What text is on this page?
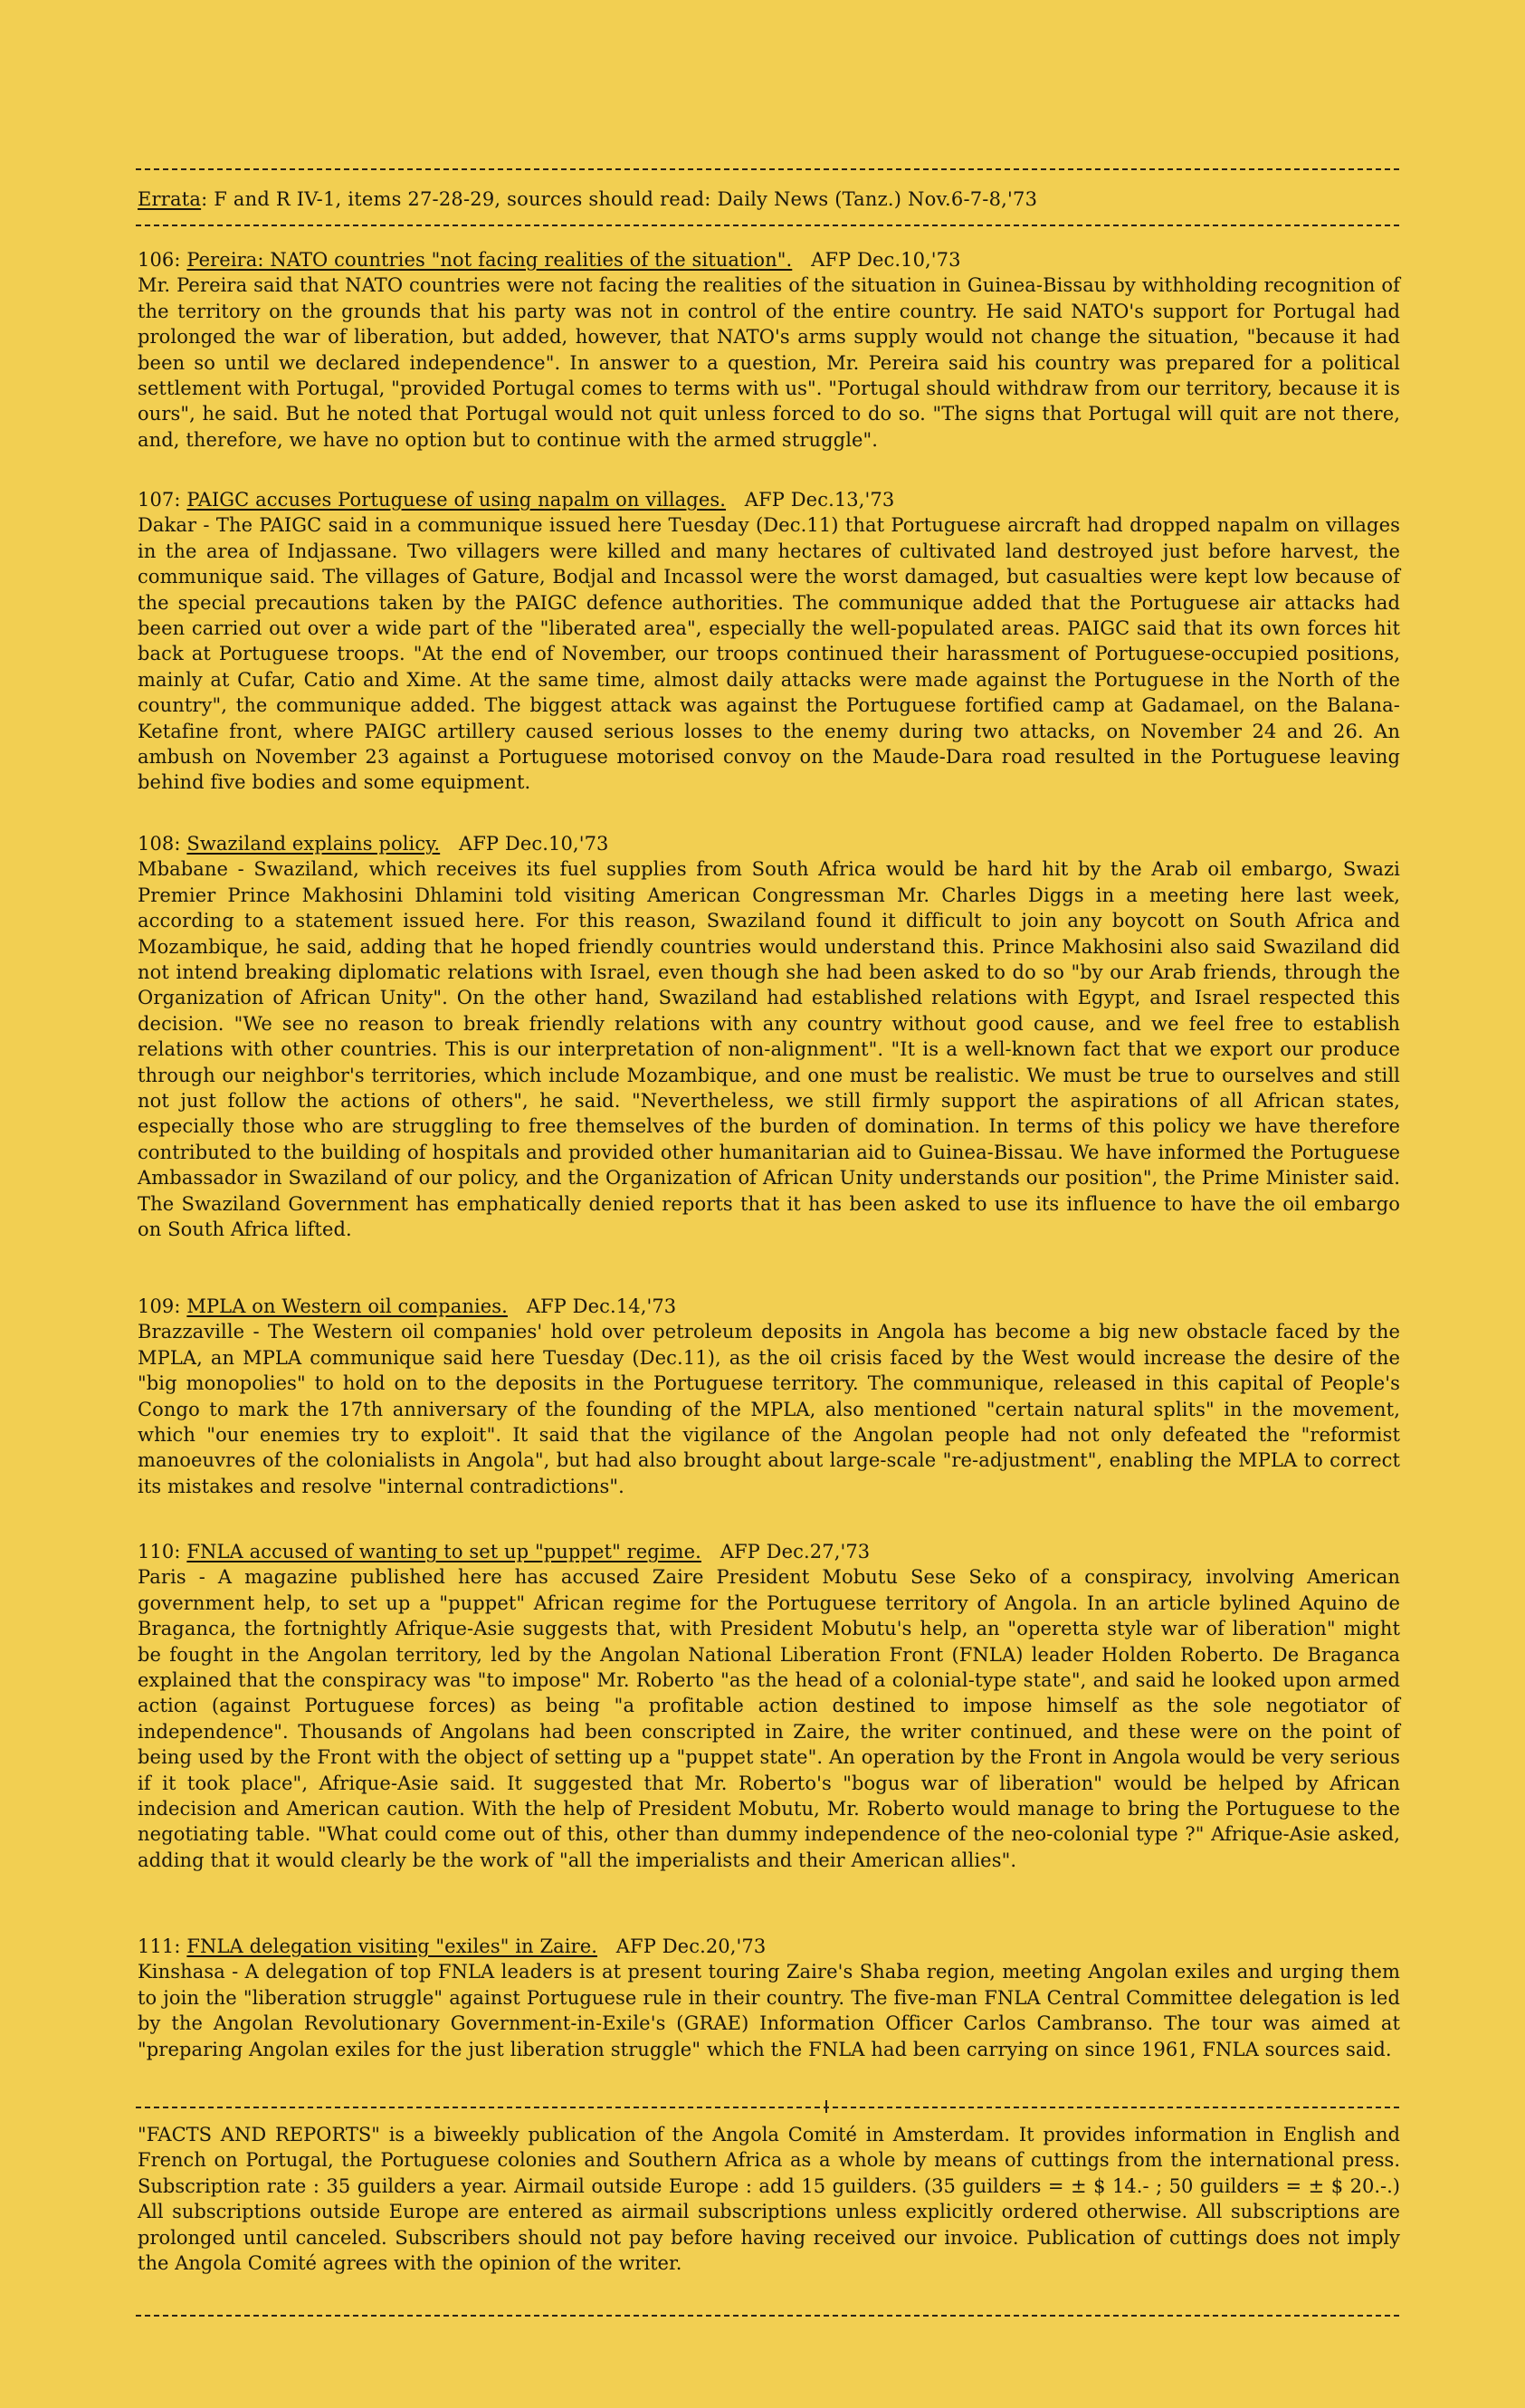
Errata: F and R IV-1, items 27-28-29, sources should read: Daily News (Tanz.) Nov.6-7-8,'73
106: Pereira: NATO countries "not facing realities of the situation". AFP Dec.10,'73
Mr. Pereira said that NATO countries were not facing the realities of the situation in Guinea-Bissau by withholding recognition of the territory on the grounds that his party was not in control of the entire country. He said NATO's support for Portugal had prolonged the war of liberation, but added, however, that NATO's arms supply would not change the situation, "because it had been so until we declared independence". In answer to a question, Mr. Pereira said his country was prepared for a political settlement with Portugal, "provided Portugal comes to terms with us". "Portugal should withdraw from our territory, because it is ours", he said. But he noted that Portugal would not quit unless forced to do so. "The signs that Portugal will quit are not there, and, therefore, we have no option but to continue with the armed struggle".
107: PAIGC accuses Portuguese of using napalm on villages. AFP Dec.13,'73
Dakar - The PAIGC said in a communique issued here Tuesday (Dec.11) that Portuguese aircraft had dropped napalm on villages in the area of Indjassane. Two villagers were killed and many hectares of cultivated land destroyed just before harvest, the communique said. The villages of Gature, Bodjal and Incassol were the worst damaged, but casualties were kept low because of the special precautions taken by the PAIGC defence authorities. The communique added that the Portuguese air attacks had been carried out over a wide part of the "liberated area", especially the well-populated areas. PAIGC said that its own forces hit back at Portuguese troops. "At the end of November, our troops continued their harassment of Portuguese-occupied positions, mainly at Cufar, Catio and Xime. At the same time, almost daily attacks were made against the Portuguese in the North of the country", the communique added. The biggest attack was against the Portuguese fortified camp at Gadamael, on the Balana-Ketafine front, where PAIGC artillery caused serious losses to the enemy during two attacks, on November 24 and 26. An ambush on November 23 against a Portuguese motorised convoy on the Maude-Dara road resulted in the Portuguese leaving behind five bodies and some equipment.
108: Swaziland explains policy. AFP Dec.10,'73
Mbabane - Swaziland, which receives its fuel supplies from South Africa would be hard hit by the Arab oil embargo, Swazi Premier Prince Makhosini Dhlamini told visiting American Congressman Mr. Charles Diggs in a meeting here last week, according to a statement issued here. For this reason, Swaziland found it difficult to join any boycott on South Africa and Mozambique, he said, adding that he hoped friendly countries would understand this. Prince Makhosini also said Swaziland did not intend breaking diplomatic relations with Israel, even though she had been asked to do so "by our Arab friends, through the Organization of African Unity". On the other hand, Swaziland had established relations with Egypt, and Israel respected this decision. "We see no reason to break friendly relations with any country without good cause, and we feel free to establish relations with other countries. This is our interpretation of non-alignment". "It is a well-known fact that we export our produce through our neighbor's territories, which include Mozambique, and one must be realistic. We must be true to ourselves and still not just follow the actions of others", he said. "Nevertheless, we still firmly support the aspirations of all African states, especially those who are struggling to free themselves of the burden of domination. In terms of this policy we have therefore contributed to the building of hospitals and provided other humanitarian aid to Guinea-Bissau. We have informed the Portuguese Ambassador in Swaziland of our policy, and the Organization of African Unity understands our position", the Prime Minister said. The Swaziland Government has emphatically denied reports that it has been asked to use its influence to have the oil embargo on South Africa lifted.
109: MPLA on Western oil companies. AFP Dec.14,'73
Brazzaville - The Western oil companies' hold over petroleum deposits in Angola has become a big new obstacle faced by the MPLA, an MPLA communique said here Tuesday (Dec.11), as the oil crisis faced by the West would increase the desire of the "big monopolies" to hold on to the deposits in the Portuguese territory. The communique, released in this capital of People's Congo to mark the 17th anniversary of the founding of the MPLA, also mentioned "certain natural splits" in the movement, which "our enemies try to exploit". It said that the vigilance of the Angolan people had not only defeated the "reformist manoeuvres of the colonialists in Angola", but had also brought about large-scale "re-adjustment", enabling the MPLA to correct its mistakes and resolve "internal contradictions".
110: FNLA accused of wanting to set up "puppet" regime. AFP Dec.27,'73
Paris - A magazine published here has accused Zaire President Mobutu Sese Seko of a conspiracy, involving American government help, to set up a "puppet" African regime for the Portuguese territory of Angola. In an article bylined Aquino de Braganca, the fortnightly Afrique-Asie suggests that, with President Mobutu's help, an "operetta style war of liberation" might be fought in the Angolan territory, led by the Angolan National Liberation Front (FNLA) leader Holden Roberto. De Braganca explained that the conspiracy was "to impose" Mr. Roberto "as the head of a colonial-type state", and said he looked upon armed action (against Portuguese forces) as being "a profitable action destined to impose himself as the sole negotiator of independence". Thousands of Angolans had been conscripted in Zaire, the writer continued, and these were on the point of being used by the Front with the object of setting up a "puppet state". An operation by the Front in Angola would be very serious if it took place", Afrique-Asie said. It suggested that Mr. Roberto's "bogus war of liberation" would be helped by African indecision and American caution. With the help of President Mobutu, Mr. Roberto would manage to bring the Portuguese to the negotiating table. "What could come out of this, other than dummy independence of the neo-colonial type ?" Afrique-Asie asked, adding that it would clearly be the work of "all the imperialists and their American allies".
111: FNLA delegation visiting "exiles" in Zaire. AFP Dec.20,'73
Kinshasa - A delegation of top FNLA leaders is at present touring Zaire's Shaba region, meeting Angolan exiles and urging them to join the "liberation struggle" against Portuguese rule in their country. The five-man FNLA Central Committee delegation is led by the Angolan Revolutionary Government-in-Exile's (GRAE) Information Officer Carlos Cambranso. The tour was aimed at "preparing Angolan exiles for the just liberation struggle" which the FNLA had been carrying on since 1961, FNLA sources said.
"FACTS AND REPORTS" is a biweekly publication of the Angola Comité in Amsterdam. It provides information in English and French on Portugal, the Portuguese colonies and Southern Africa as a whole by means of cuttings from the international press. Subscription rate : 35 guilders a year. Airmail outside Europe : add 15 guilders. (35 guilders = ± $ 14.- ; 50 guilders = ± $ 20.-.) All subscriptions outside Europe are entered as airmail subscriptions unless explicitly ordered otherwise. All subscriptions are prolonged until canceled. Subscribers should not pay before having received our invoice. Publication of cuttings does not imply the Angola Comité agrees with the opinion of the writer.
